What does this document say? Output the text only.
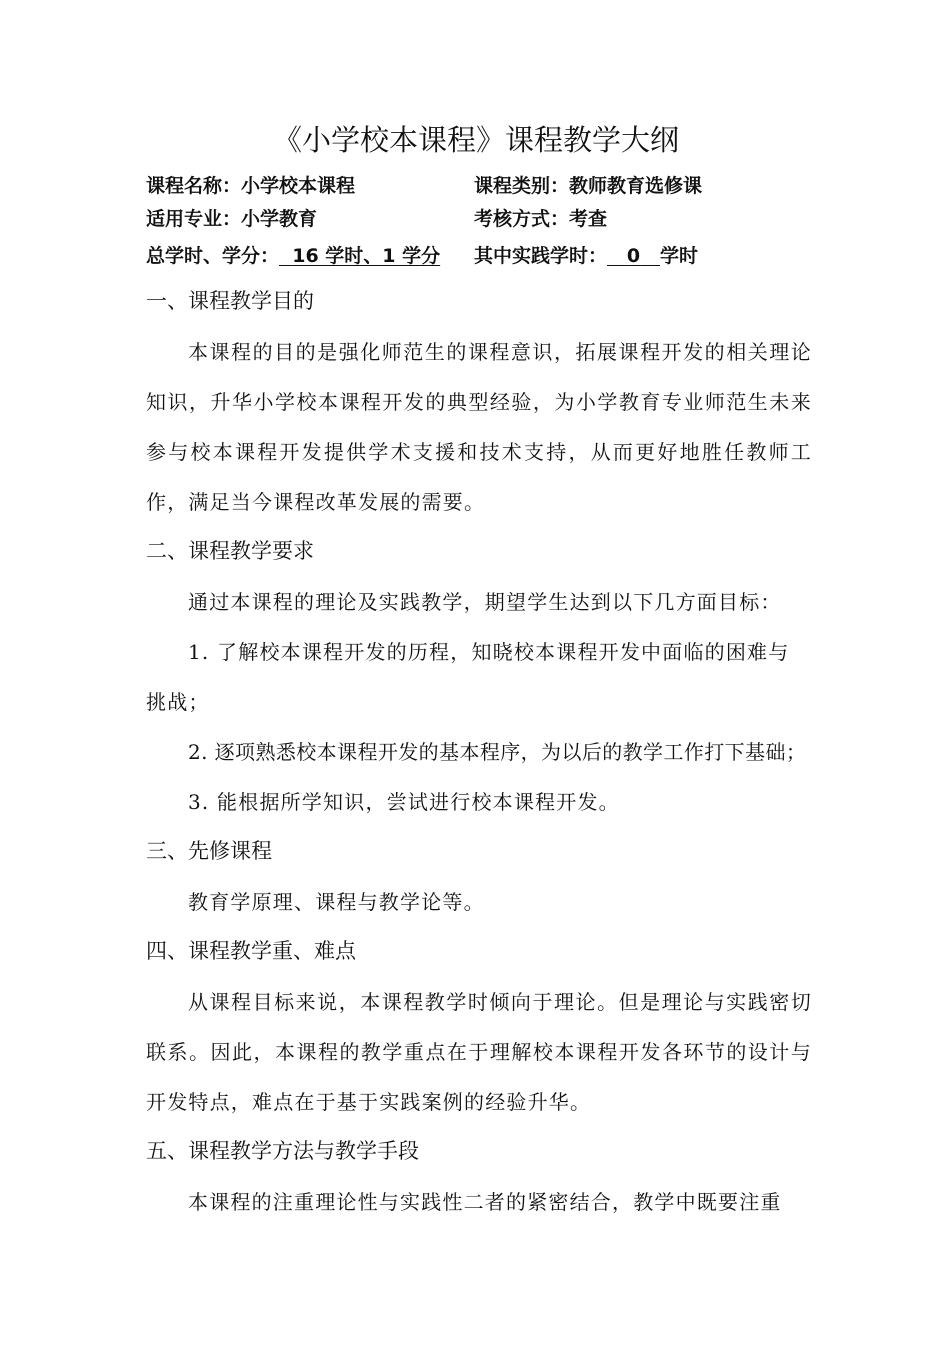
《小学校本课程》课程教学大纲
课程名称：小学校本课程	课程类别：教师教育选修课
适用专业：小学教育	考核方式：考查
总学时、学分： 16 学时、1 学分 其中实践学时： 0 学时
一、课程教学目的
本课程的目的是强化师范生的课程意识，拓展课程开发的相关理论知识，升华小学校本课程开发的典型经验，为小学教育专业师范生未来参与校本课程开发提供学术支援和技术支持，从而更好地胜任教师工作，满足当今课程改革发展的需要。
二、课程教学要求
通过本课程的理论及实践教学，期望学生达到以下几方面目标：
1. 了解校本课程开发的历程，知晓校本课程开发中面临的困难与
挑战；
2. 逐项熟悉校本课程开发的基本程序，为以后的教学工作打下基础；
3. 能根据所学知识，尝试进行校本课程开发。
三、先修课程
教育学原理、课程与教学论等。
四、课程教学重、难点
从课程目标来说，本课程教学时倾向于理论。但是理论与实践密切联系。因此，本课程的教学重点在于理解校本课程开发各环节的设计与开发特点，难点在于基于实践案例的经验升华。
五、课程教学方法与教学手段
本课程的注重理论性与实践性二者的紧密结合，教学中既要注重
